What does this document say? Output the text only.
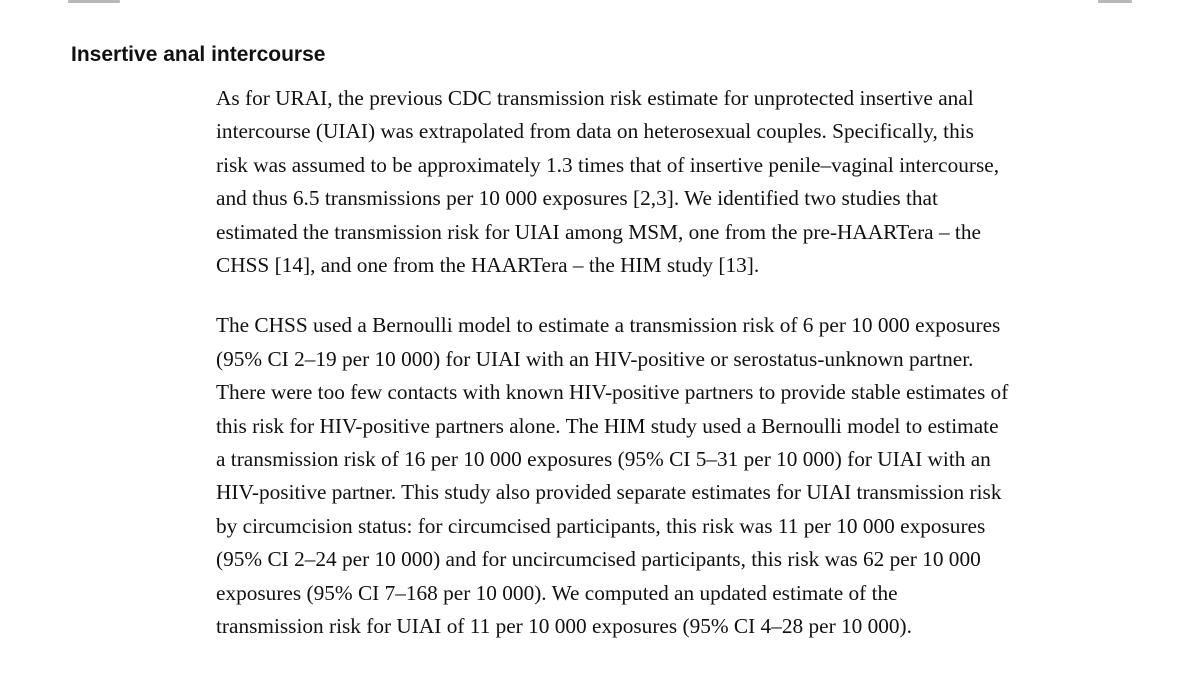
Insertive anal intercourse

As for URAI, the previous CDC transmission risk estimate for unprotected insertive anal
intercourse (UIAI) was extrapolated from data on heterosexual couples. Specifically, this
risk was assumed to be approximately 1.3 times that of insertive penile–vaginal intercourse,
and thus 6.5 transmissions per 10 000 exposures [2,3]. We identified two studies that
estimated the transmission risk for UIAI among MSM, one from the pre-HAARTera – the
CHSS [14], and one from the HAARTera – the HIM study [13].

The CHSS used a Bernoulli model to estimate a transmission risk of 6 per 10 000 exposures
(95% CI 2–19 per 10 000) for UIAI with an HIV-positive or serostatus-unknown partner.
There were too few contacts with known HIV-positive partners to provide stable estimates of
this risk for HIV-positive partners alone. The HIM study used a Bernoulli model to estimate
a transmission risk of 16 per 10 000 exposures (95% CI 5–31 per 10 000) for UIAI with an
HIV-positive partner. This study also provided separate estimates for UIAI transmission risk
by circumcision status: for circumcised participants, this risk was 11 per 10 000 exposures
(95% CI 2–24 per 10 000) and for uncircumcised participants, this risk was 62 per 10 000
exposures (95% CI 7–168 per 10 000). We computed an updated estimate of the
transmission risk for UIAI of 11 per 10 000 exposures (95% CI 4–28 per 10 000).
